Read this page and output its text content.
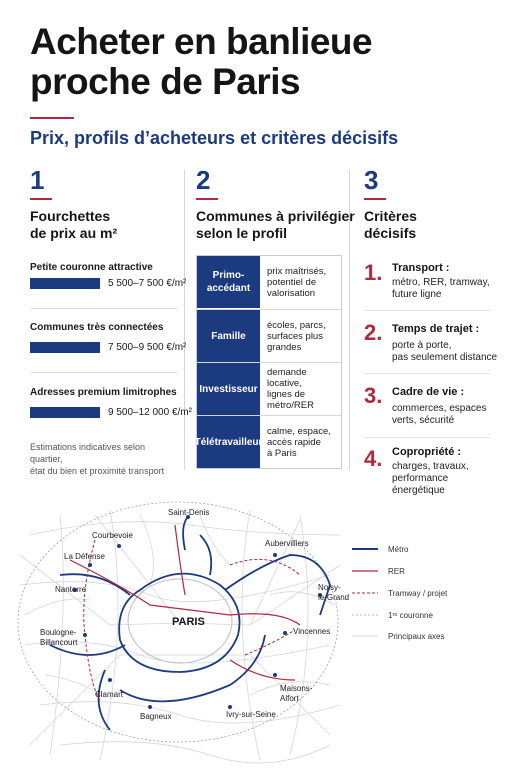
Acheter en banlieue
proche de Paris
Prix, profils d’acheteurs et critères décisifs
1
Fourchettes
de prix au m²
Petite couronne attractive
5 500–7 500 €/m²
Communes très connectées
7 500–9 500 €/m²
Adresses premium limitrophes
9 500–12 000 €/m²
Estimations indicatives selon quartier,
état du bien et proximité transport
2
Communes à privilégier
selon le profil
Primo-
accédant
prix maîtrisés,
potentiel de
valorisation
Famille
écoles, parcs,
surfaces plus
grandes
Investisseur
demande locative,
lignes de
métro/RER
Télétravailleur
calme, espace,
accès rapide
à Paris
3
Critères
décisifs
1. Transport :
métro, RER, tramway,
future ligne
2. Temps de trajet :
porte à porte,
pas seulement distance
3. Cadre de vie :
commerces, espaces
verts, sécurité
4. Copropriété :
charges, travaux,
performance énergétique
Saint-Denis
Courbevoie
Aubervilliers
La Défense
Nanterre	Noisy-
le-Grand
Boulogne-
Billancourt
Vincennes
Clamart
Maisons-
Alfort
Bagneux	Ivry-sur-Seine
PARIS
Métro
RER
Tramway / projet
1ʳᵉ couronne
Principaux axes
